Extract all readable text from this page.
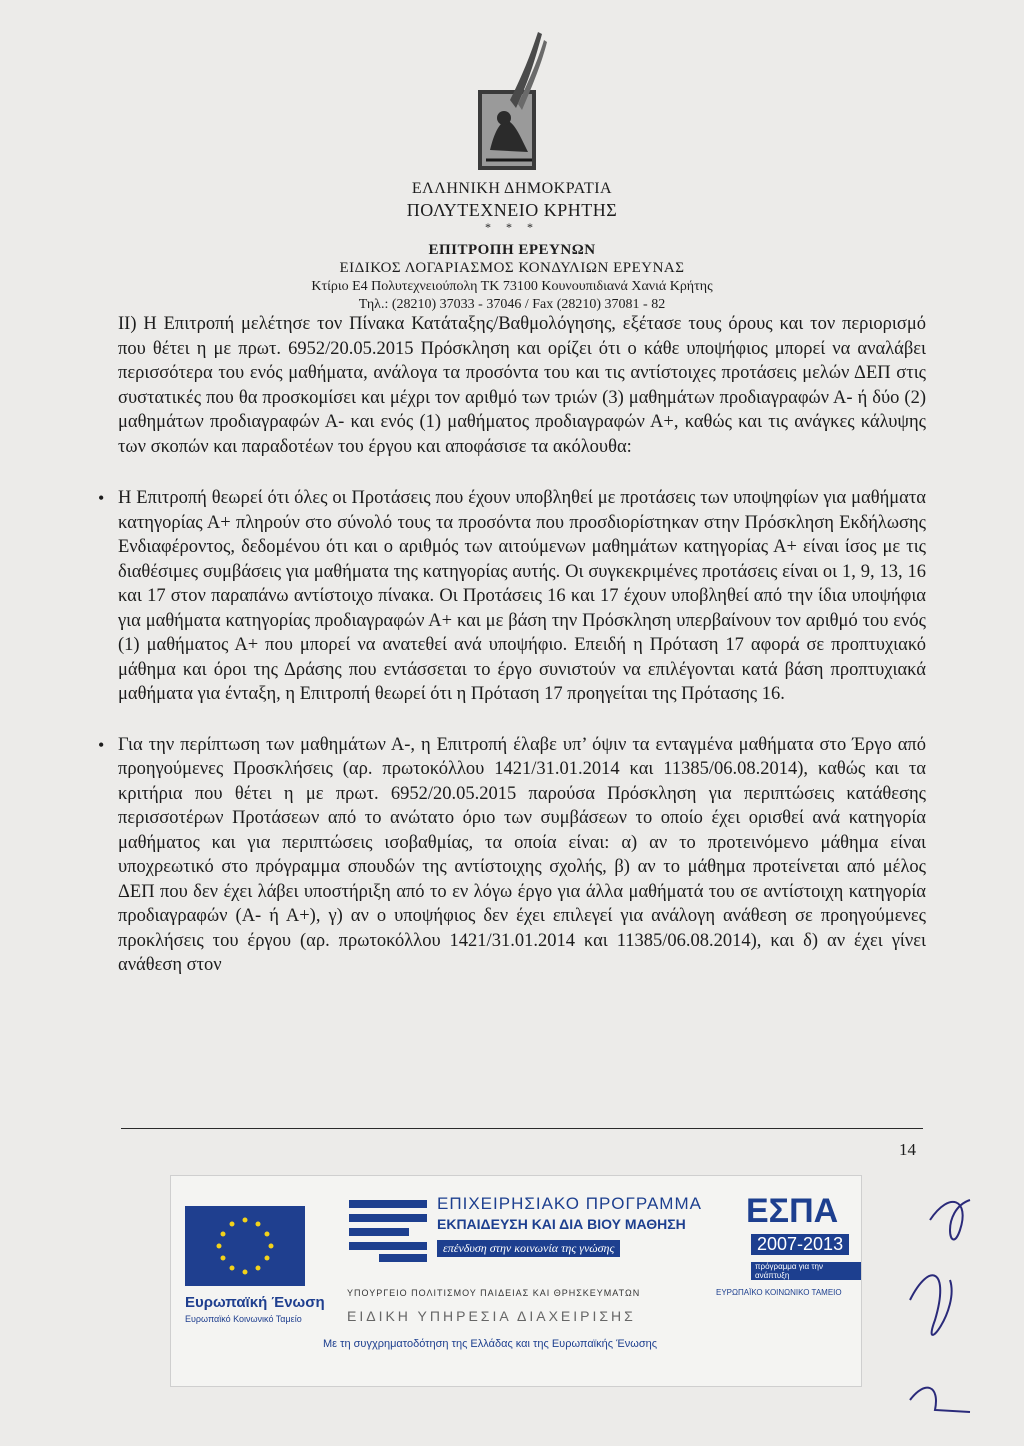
ΕΛΛΗΝΙΚΗ ΔΗΜΟΚΡΑΤΙΑ
ΠΟΛΥΤΕΧΝΕΙΟ ΚΡΗΤΗΣ
* * *
ΕΠΙΤΡΟΠΗ ΕΡΕΥΝΩΝ
ΕΙΔΙΚΟΣ ΛΟΓΑΡΙΑΣΜΟΣ ΚΟΝΔΥΛΙΩΝ ΕΡΕΥΝΑΣ
Κτίριο Ε4 Πολυτεχνειούπολη ΤΚ 73100 Κουνουπιδιανά Χανιά Κρήτης
Τηλ.: (28210) 37033 - 37046 / Fax (28210) 37081 - 82

ΙΙ) Η Επιτροπή μελέτησε τον Πίνακα Κατάταξης/Βαθμολόγησης, εξέτασε τους όρους και τον περιορισμό που θέτει η με πρωτ. 6952/20.05.2015 Πρόσκληση και ορίζει ότι ο κάθε υποψήφιος μπορεί να αναλάβει περισσότερα του ενός μαθήματα, ανάλογα τα προσόντα του και τις αντίστοιχες προτάσεις μελών ΔΕΠ στις συστατικές που θα προσκομίσει και μέχρι τον αριθμό των τριών (3) μαθημάτων προδιαγραφών Α- ή δύο (2) μαθημάτων προδιαγραφών Α- και ενός (1) μαθήματος προδιαγραφών Α+, καθώς και τις ανάγκες κάλυψης των σκοπών και παραδοτέων του έργου και αποφάσισε τα ακόλουθα:

• Η Επιτροπή θεωρεί ότι όλες οι Προτάσεις που έχουν υποβληθεί με προτάσεις των υποψηφίων για μαθήματα κατηγορίας Α+ πληρούν στο σύνολό τους τα προσόντα που προσδιορίστηκαν στην Πρόσκληση Εκδήλωσης Ενδιαφέροντος, δεδομένου ότι και ο αριθμός των αιτούμενων μαθημάτων κατηγορίας Α+ είναι ίσος με τις διαθέσιμες συμβάσεις για μαθήματα της κατηγορίας αυτής. Οι συγκεκριμένες προτάσεις είναι οι 1, 9, 13, 16 και 17 στον παραπάνω αντίστοιχο πίνακα. Οι Προτάσεις 16 και 17 έχουν υποβληθεί από την ίδια υποψήφια για μαθήματα κατηγορίας προδιαγραφών Α+ και με βάση την Πρόσκληση υπερβαίνουν τον αριθμό του ενός (1) μαθήματος Α+ που μπορεί να ανατεθεί ανά υποψήφιο. Επειδή η Πρόταση 17 αφορά σε προπτυχιακό μάθημα και όροι της Δράσης που εντάσσεται το έργο συνιστούν να επιλέγονται κατά βάση προπτυχιακά μαθήματα για ένταξη, η Επιτροπή θεωρεί ότι η Πρόταση 17 προηγείται της Πρότασης 16.
• Για την περίπτωση των μαθημάτων Α-, η Επιτροπή έλαβε υπ’ όψιν τα ενταγμένα μαθήματα στο Έργο από προηγούμενες Προσκλήσεις (αρ. πρωτοκόλλου 1421/31.01.2014 και 11385/06.08.2014), καθώς και τα κριτήρια που θέτει η με πρωτ. 6952/20.05.2015 παρούσα Πρόσκληση για περιπτώσεις κατάθεσης περισσοτέρων Προτάσεων από το ανώτατο όριο των συμβάσεων το οποίο έχει ορισθεί ανά κατηγορία μαθήματος και για περιπτώσεις ισοβαθμίας, τα οποία είναι: α) αν το προτεινόμενο μάθημα είναι υποχρεωτικό στο πρόγραμμα σπουδών της αντίστοιχης σχολής, β) αν το μάθημα προτείνεται από μέλος ΔΕΠ που δεν έχει λάβει υποστήριξη από το εν λόγω έργο για άλλα μαθήματά του σε αντίστοιχη κατηγορία προδιαγραφών (Α- ή Α+), γ) αν ο υποψήφιος δεν έχει επιλεγεί για ανάλογη ανάθεση σε προηγούμενες προκλήσεις του έργου (αρ. πρωτοκόλλου 1421/31.01.2014 και 11385/06.08.2014), και δ) αν έχει γίνει ανάθεση στον
14
Ευρωπαϊκή Ένωση
Ευρωπαϊκό Κοινωνικό Ταμείο
ΕΠΙΧΕΙΡΗΣΙΑΚΟ ΠΡΟΓΡΑΜΜΑ
ΕΚΠΑΙΔΕΥΣΗ ΚΑΙ ΔΙΑ ΒΙΟΥ ΜΑΘΗΣΗ
επένδυση στην κοινωνία της γνώσης
ΥΠΟΥΡΓΕΙΟ ΠΟΛΙΤΙΣΜΟΥ ΠΑΙΔΕΙΑΣ ΚΑΙ ΘΡΗΣΚΕΥΜΑΤΩΝ
ΕΙΔΙΚΗ ΥΠΗΡΕΣΙΑ ΔΙΑΧΕΙΡΙΣΗΣ
Με τη συγχρηματοδότηση της Ελλάδας και της Ευρωπαϊκής Ένωσης
ΕΣΠΑ
2007-2013
πρόγραμμα για την ανάπτυξη
ΕΥΡΩΠΑΪΚΟ ΚΟΙΝΩΝΙΚΟ ΤΑΜΕΙΟ
